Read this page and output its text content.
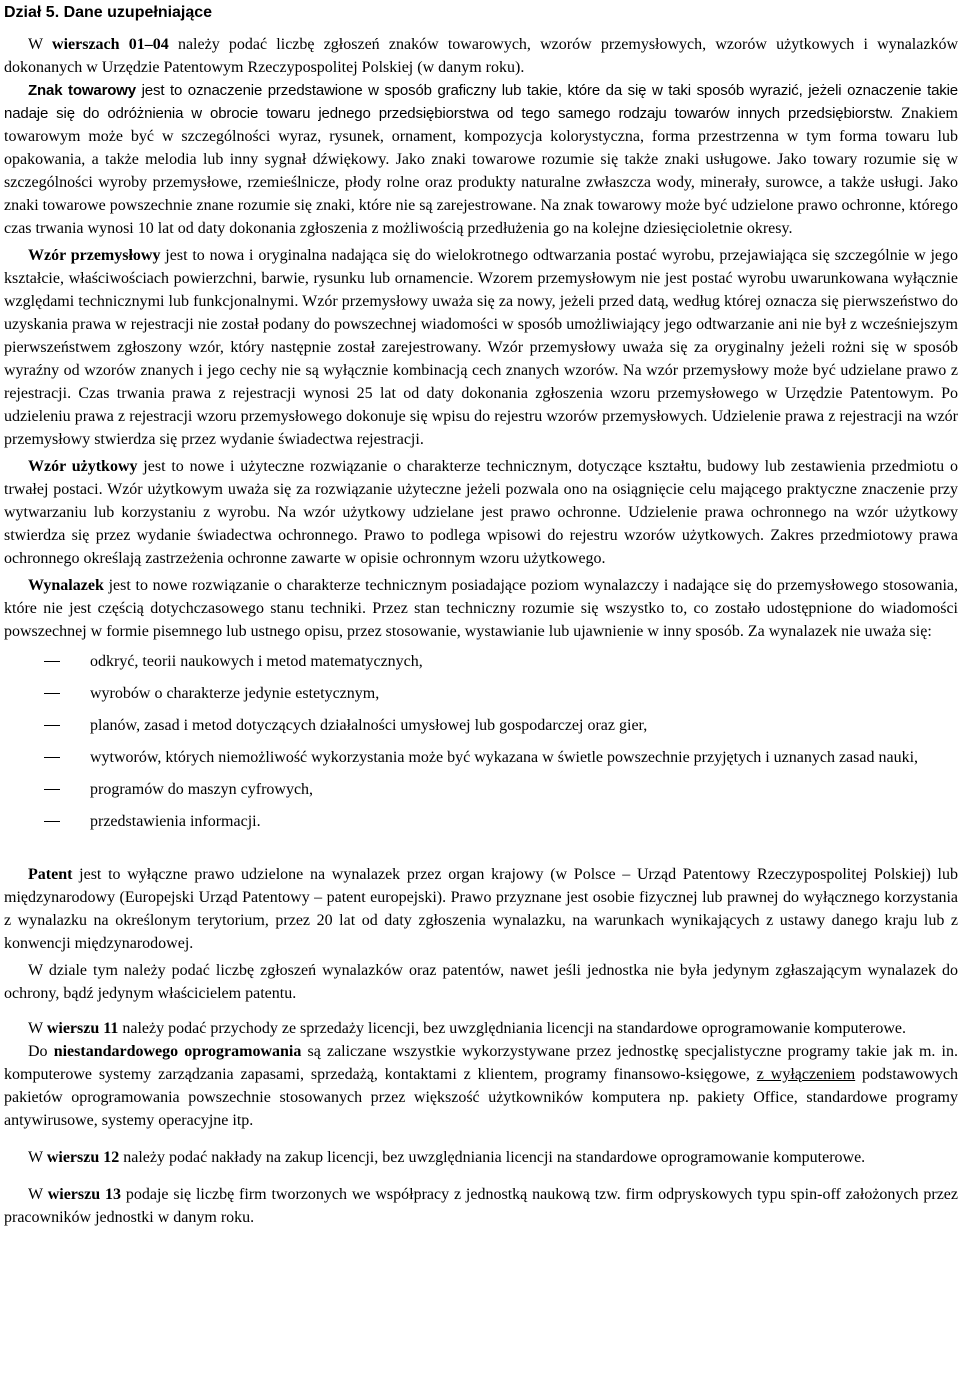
Dział 5. Dane uzupełniające

W wierszach 01–04 należy podać liczbę zgłoszeń znaków towarowych, wzorów przemysłowych, wzorów użytkowych i wynalazków dokonanych w Urzędzie Patentowym Rzeczypospolitej Polskiej (w danym roku).

Znak towarowy jest to oznaczenie przedstawione w sposób graficzny lub takie, które da się w taki sposób wyrazić, jeżeli oznaczenie takie nadaje się do odróżnienia w obrocie towaru jednego przedsiębiorstwa od tego samego rodzaju towarów innych przedsiębiorstw. Znakiem towarowym może być w szczególności wyraz, rysunek, ornament, kompozycja kolorystyczna, forma przestrzenna w tym forma towaru lub opakowania, a także melodia lub inny sygnał dźwiękowy. Jako znaki towarowe rozumie się także znaki usługowe. Jako towary rozumie się w szczególności wyroby przemysłowe, rzemieślnicze, płody rolne oraz produkty naturalne zwłaszcza wody, minerały, surowce, a także usługi. Jako znaki towarowe powszechnie znane rozumie się znaki, które nie są zarejestrowane. Na znak towarowy może być udzielone prawo ochronne, którego czas trwania wynosi 10 lat od daty dokonania zgłoszenia z możliwością przedłużenia go na kolejne dziesięcioletnie okresy.

Wzór przemysłowy jest to nowa i oryginalna nadająca się do wielokrotnego odtwarzania postać wyrobu, przejawiająca się szczególnie w jego kształcie, właściwościach powierzchni, barwie, rysunku lub ornamencie. Wzorem przemysłowym nie jest postać wyrobu uwarunkowana wyłącznie względami technicznymi lub funkcjonalnymi. Wzór przemysłowy uważa się za nowy, jeżeli przed datą, według której oznacza się pierwszeństwo do uzyskania prawa w rejestracji nie został podany do powszechnej wiadomości w sposób umożliwiający jego odtwarzanie ani nie był z wcześniejszym pierwszeństwem zgłoszony wzór, który następnie został zarejestrowany. Wzór przemysłowy uważa się za oryginalny jeżeli rożni się w sposób wyraźny od wzorów znanych i jego cechy nie są wyłącznie kombinacją cech znanych wzorów. Na wzór przemysłowy może być udzielane prawo z rejestracji. Czas trwania prawa z rejestracji wynosi 25 lat od daty dokonania zgłoszenia wzoru przemysłowego w Urzędzie Patentowym. Po udzieleniu prawa z rejestracji wzoru przemysłowego dokonuje się wpisu do rejestru wzorów przemysłowych. Udzielenie prawa z rejestracji na wzór przemysłowy stwierdza się przez wydanie świadectwa rejestracji.

Wzór użytkowy jest to nowe i użyteczne rozwiązanie o charakterze technicznym, dotyczące kształtu, budowy lub zestawienia przedmiotu o trwałej postaci. Wzór użytkowym uważa się za rozwiązanie użyteczne jeżeli pozwala ono na osiągnięcie celu mającego praktyczne znaczenie przy wytwarzaniu lub korzystaniu z wyrobu. Na wzór użytkowy udzielane jest prawo ochronne. Udzielenie prawa ochronnego na wzór użytkowy stwierdza się przez wydanie świadectwa ochronnego. Prawo to podlega wpisowi do rejestru wzorów użytkowych. Zakres przedmiotowy prawa ochronnego określają zastrzeżenia ochronne zawarte w opisie ochronnym wzoru użytkowego.

Wynalazek jest to nowe rozwiązanie o charakterze technicznym posiadające poziom wynalazczy i nadające się do przemysłowego stosowania, które nie jest częścią dotychczasowego stanu techniki. Przez stan techniczny rozumie się wszystko to, co zostało udostępnione do wiadomości powszechnej w formie pisemnego lub ustnego opisu, przez stosowanie, wystawianie lub ujawnienie w inny sposób. Za wynalazek nie uważa się:

odkryć, teorii naukowych i metod matematycznych,
wyrobów o charakterze jedynie estetycznym,
planów, zasad i metod dotyczących działalności umysłowej lub gospodarczej oraz gier,
wytworów, których niemożliwość wykorzystania może być wykazana w świetle powszechnie przyjętych i uznanych zasad nauki,
programów do maszyn cyfrowych,
przedstawienia informacji.

Patent jest to wyłączne prawo udzielone na wynalazek przez organ krajowy (w Polsce – Urząd Patentowy Rzeczypospolitej Polskiej) lub międzynarodowy (Europejski Urząd Patentowy – patent europejski). Prawo przyznane jest osobie fizycznej lub prawnej do wyłącznego korzystania z wynalazku na określonym terytorium, przez 20 lat od daty zgłoszenia wynalazku, na warunkach wynikających z ustawy danego kraju lub z konwencji międzynarodowej.

W dziale tym należy podać liczbę zgłoszeń wynalazków oraz patentów, nawet jeśli jednostka nie była jedynym zgłaszającym wynalazek do ochrony, bądź jedynym właścicielem patentu.

W wierszu 11 należy podać przychody ze sprzedaży licencji, bez uwzględniania licencji na standardowe oprogramowanie komputerowe.

Do niestandardowego oprogramowania są zaliczane wszystkie wykorzystywane przez jednostkę specjalistyczne programy takie jak m. in. komputerowe systemy zarządzania zapasami, sprzedażą, kontaktami z klientem, programy finansowo-księgowe, z wyłączeniem podstawowych pakietów oprogramowania powszechnie stosowanych przez większość użytkowników komputera np. pakiety Office, standardowe programy antywirusowe, systemy operacyjne itp.

W wierszu 12 należy podać nakłady na zakup licencji, bez uwzględniania licencji na standardowe oprogramowanie komputerowe.

W wierszu 13 podaje się liczbę firm tworzonych we współpracy z jednostką naukową tzw. firm odpryskowych typu spin-off założonych przez pracowników jednostki w danym roku.
